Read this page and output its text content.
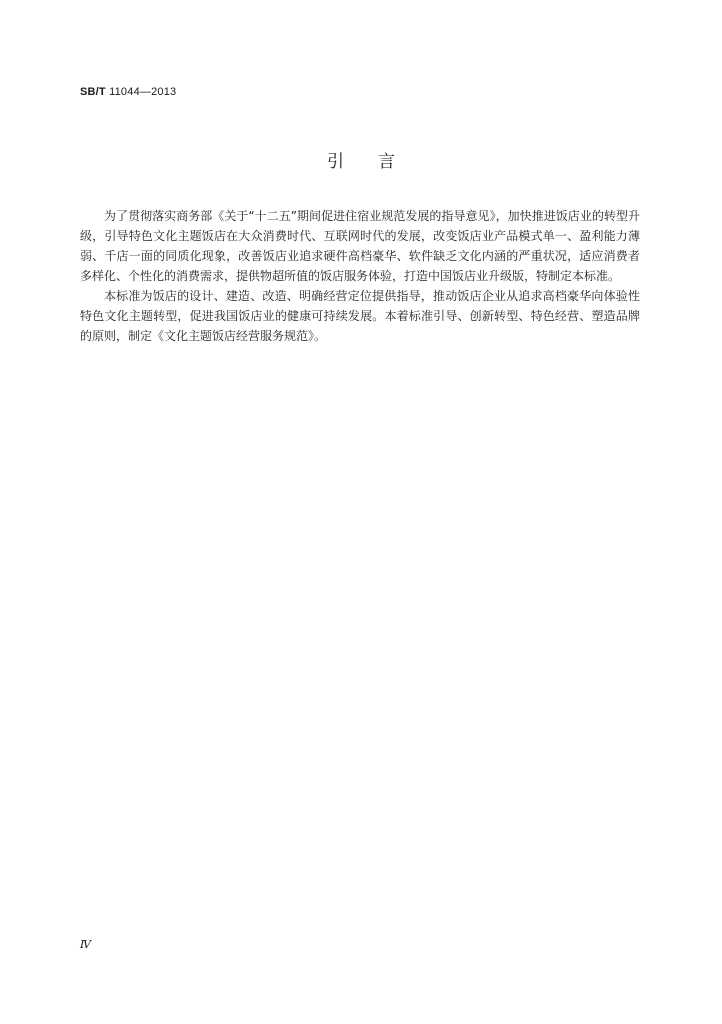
SB/T 11044—2013
引言

为了贯彻落实商务部《关于“十二五”期间促进住宿业规范发展的指导意见》，加快推进饭店业的转型升级，引导特色文化主题饭店在大众消费时代、互联网时代的发展，改变饭店业产品模式单一、盈利能力薄弱、千店一面的同质化现象，改善饭店业追求硬件高档豪华、软件缺乏文化内涵的严重状况，适应消费者多样化、个性化的消费需求，提供物超所值的饭店服务体验，打造中国饭店业升级版，特制定本标准。

本标准为饭店的设计、建造、改造、明确经营定位提供指导，推动饭店企业从追求高档豪华向体验性特色文化主题转型，促进我国饭店业的健康可持续发展。本着标准引导、创新转型、特色经营、塑造品牌的原则，制定《文化主题饭店经营服务规范》。

Ⅳ
